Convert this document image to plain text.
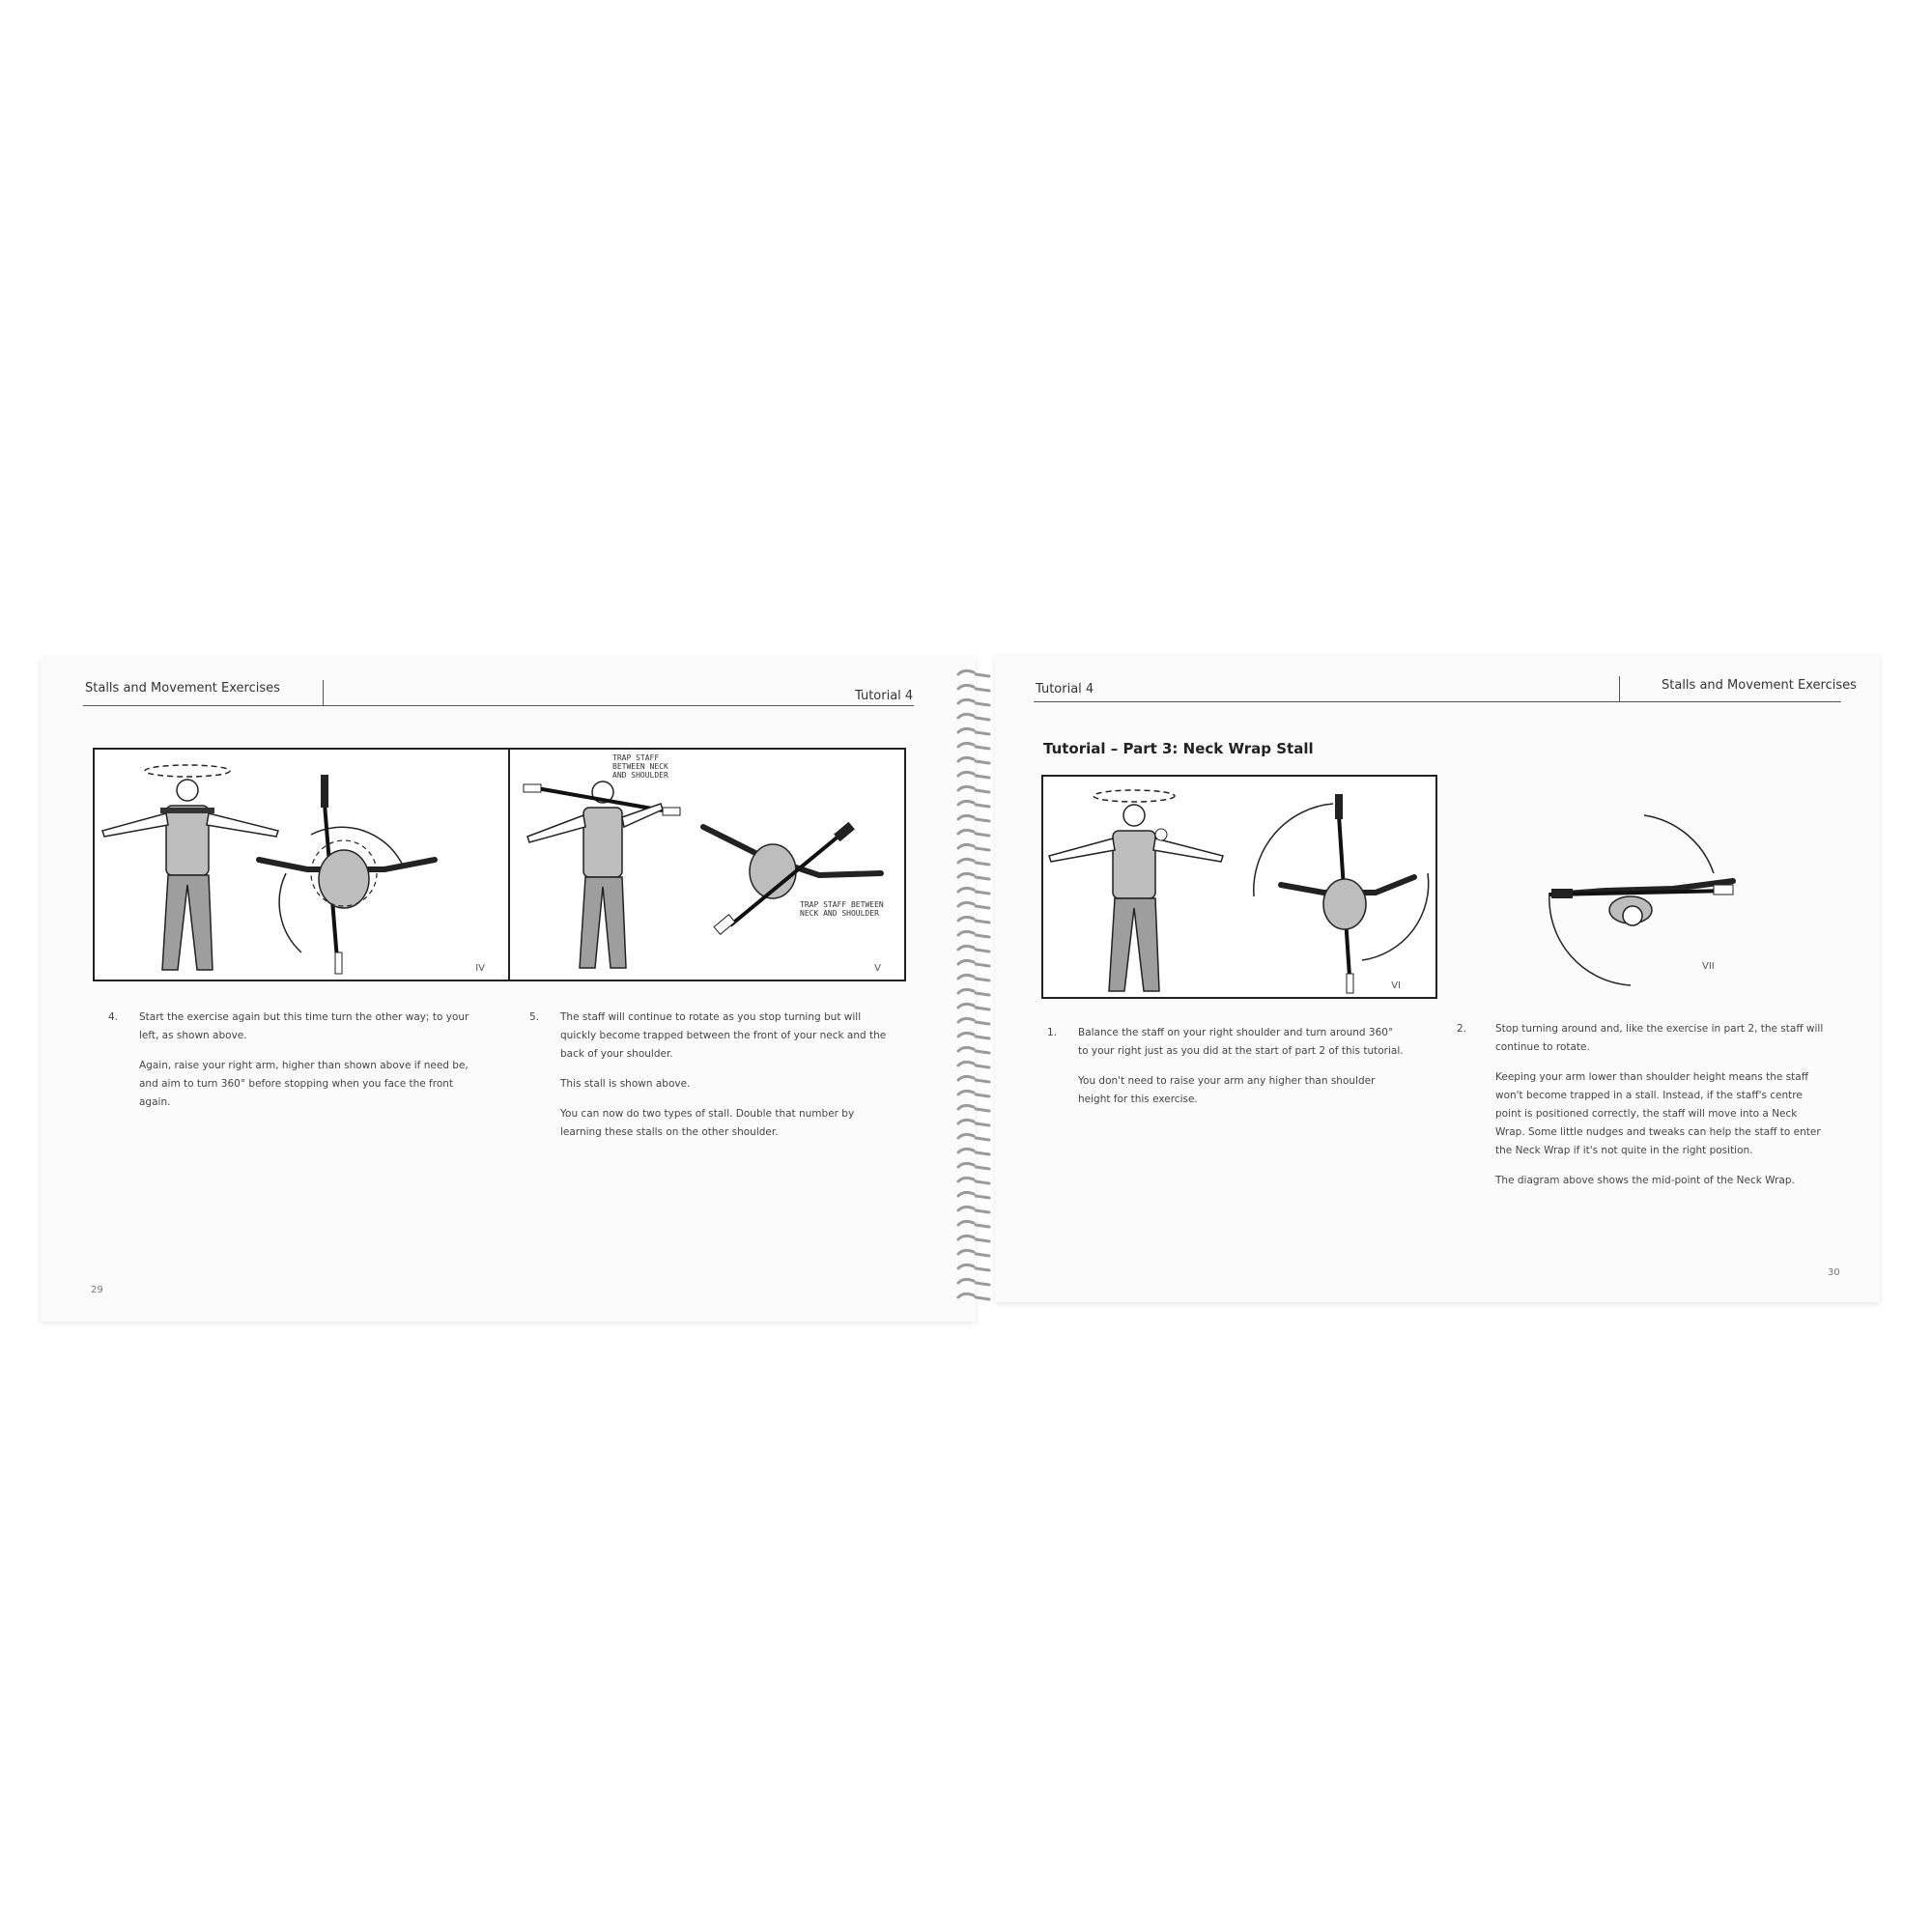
Stalls and Movement Exercises
Tutorial 4
IV
TRAP STAFF
BETWEEN NECK
AND SHOULDER
TRAP STAFF BETWEEN
NECK AND SHOULDER
V
4. Start the exercise again but this time turn the other way; to your left, as shown above.

Again, raise your right arm, higher than shown above if need be, and aim to turn 360° before stopping when you face the front again.

5. The staff will continue to rotate as you stop turning but will quickly become trapped between the front of your neck and the back of your shoulder.

This stall is shown above.

You can now do two types of stall. Double that number by learning these stalls on the other shoulder.

29
Tutorial 4	Stalls and Movement Exercises
Tutorial – Part 3: Neck Wrap Stall
VI
VII
1. Balance the staff on your right shoulder and turn around 360° to your right just as you did at the start of part 2 of this tutorial.

You don't need to raise your arm any higher than shoulder height for this exercise.

2.	Stop turning around and, like the exercise in part 2, the staff will continue to rotate.

Keeping your arm lower than shoulder height means the staff won't become trapped in a stall. Instead, if the staff's centre point is positioned correctly, the staff will move into a Neck Wrap. Some little nudges and tweaks can help the staff to enter the Neck Wrap if it's not quite in the right position.

The diagram above shows the mid-point of the Neck Wrap.

30
